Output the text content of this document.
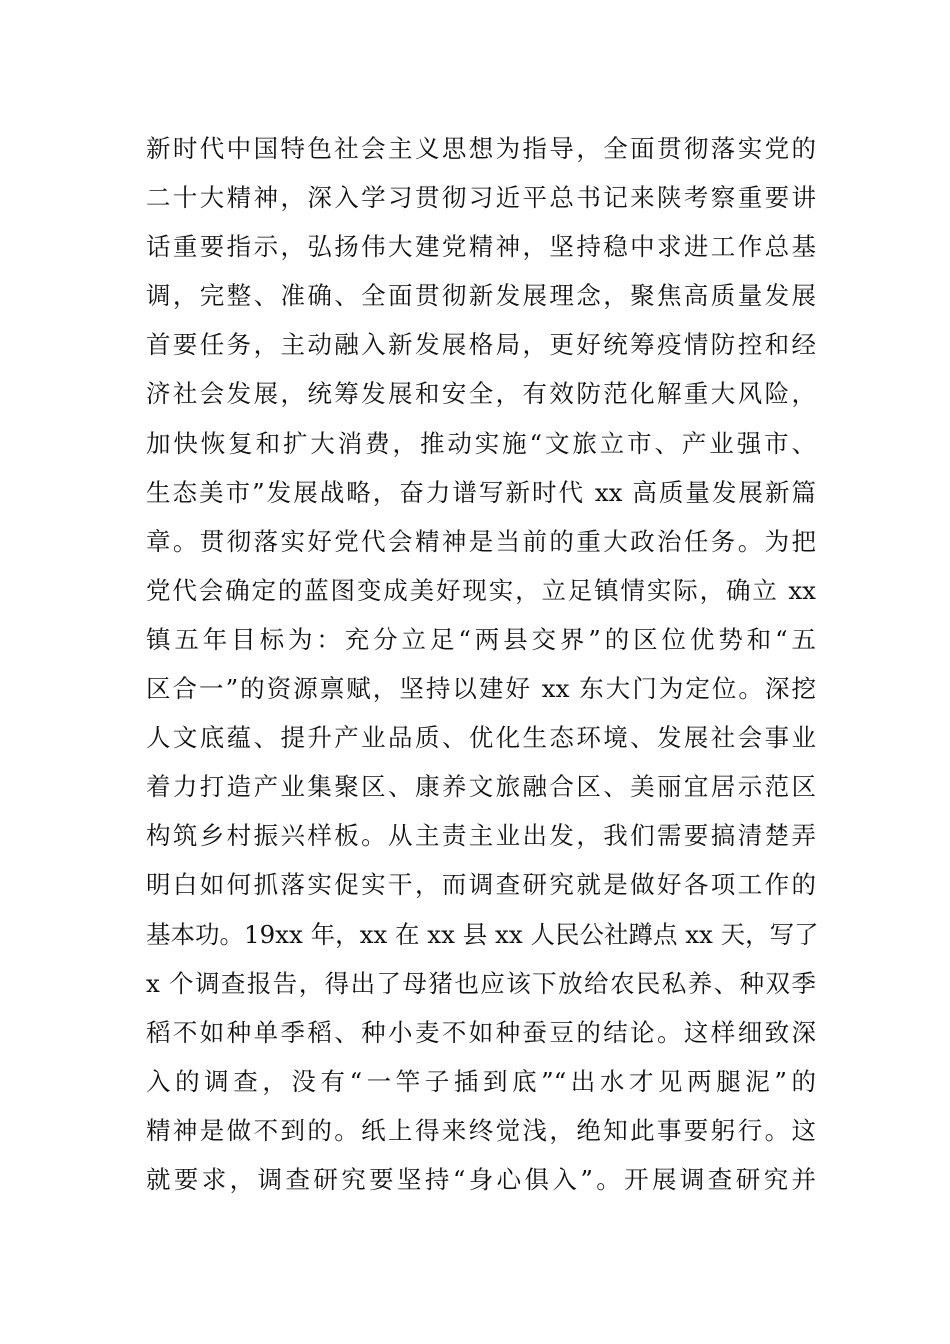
新时代中国特色社会主义思想为指导，全面贯彻落实党的
二十大精神，深入学习贯彻习近平总书记来陕考察重要讲
话重要指示，弘扬伟大建党精神，坚持稳中求进工作总基
调，完整、准确、全面贯彻新发展理念，聚焦高质量发展
首要任务，主动融入新发展格局，更好统筹疫情防控和经
济社会发展，统筹发展和安全，有效防范化解重大风险，
加快恢复和扩大消费，推动实施“文旅立市、产业强市、
生态美市”发展战略，奋力谱写新时代 xx 高质量发展新篇
章。贯彻落实好党代会精神是当前的重大政治任务。为把
党代会确定的蓝图变成美好现实，立足镇情实际，确立 xx
镇五年目标为：充分立足“两县交界”的区位优势和“五
区合一”的资源禀赋，坚持以建好 xx 东大门为定位。深挖
人文底蕴、提升产业品质、优化生态环境、发展社会事业
着力打造产业集聚区、康养文旅融合区、美丽宜居示范区
构筑乡村振兴样板。从主责主业出发，我们需要搞清楚弄
明白如何抓落实促实干，而调查研究就是做好各项工作的
基本功。19xx 年，xx 在 xx 县 xx 人民公社蹲点 xx 天，写了
x 个调查报告，得出了母猪也应该下放给农民私养、种双季
稻不如种单季稻、种小麦不如种蚕豆的结论。这样细致深
入的调查，没有“一竿子插到底”“出水才见两腿泥”的
精神是做不到的。纸上得来终觉浅，绝知此事要躬行。这
就要求，调查研究要坚持“身心俱入”。开展调查研究并
